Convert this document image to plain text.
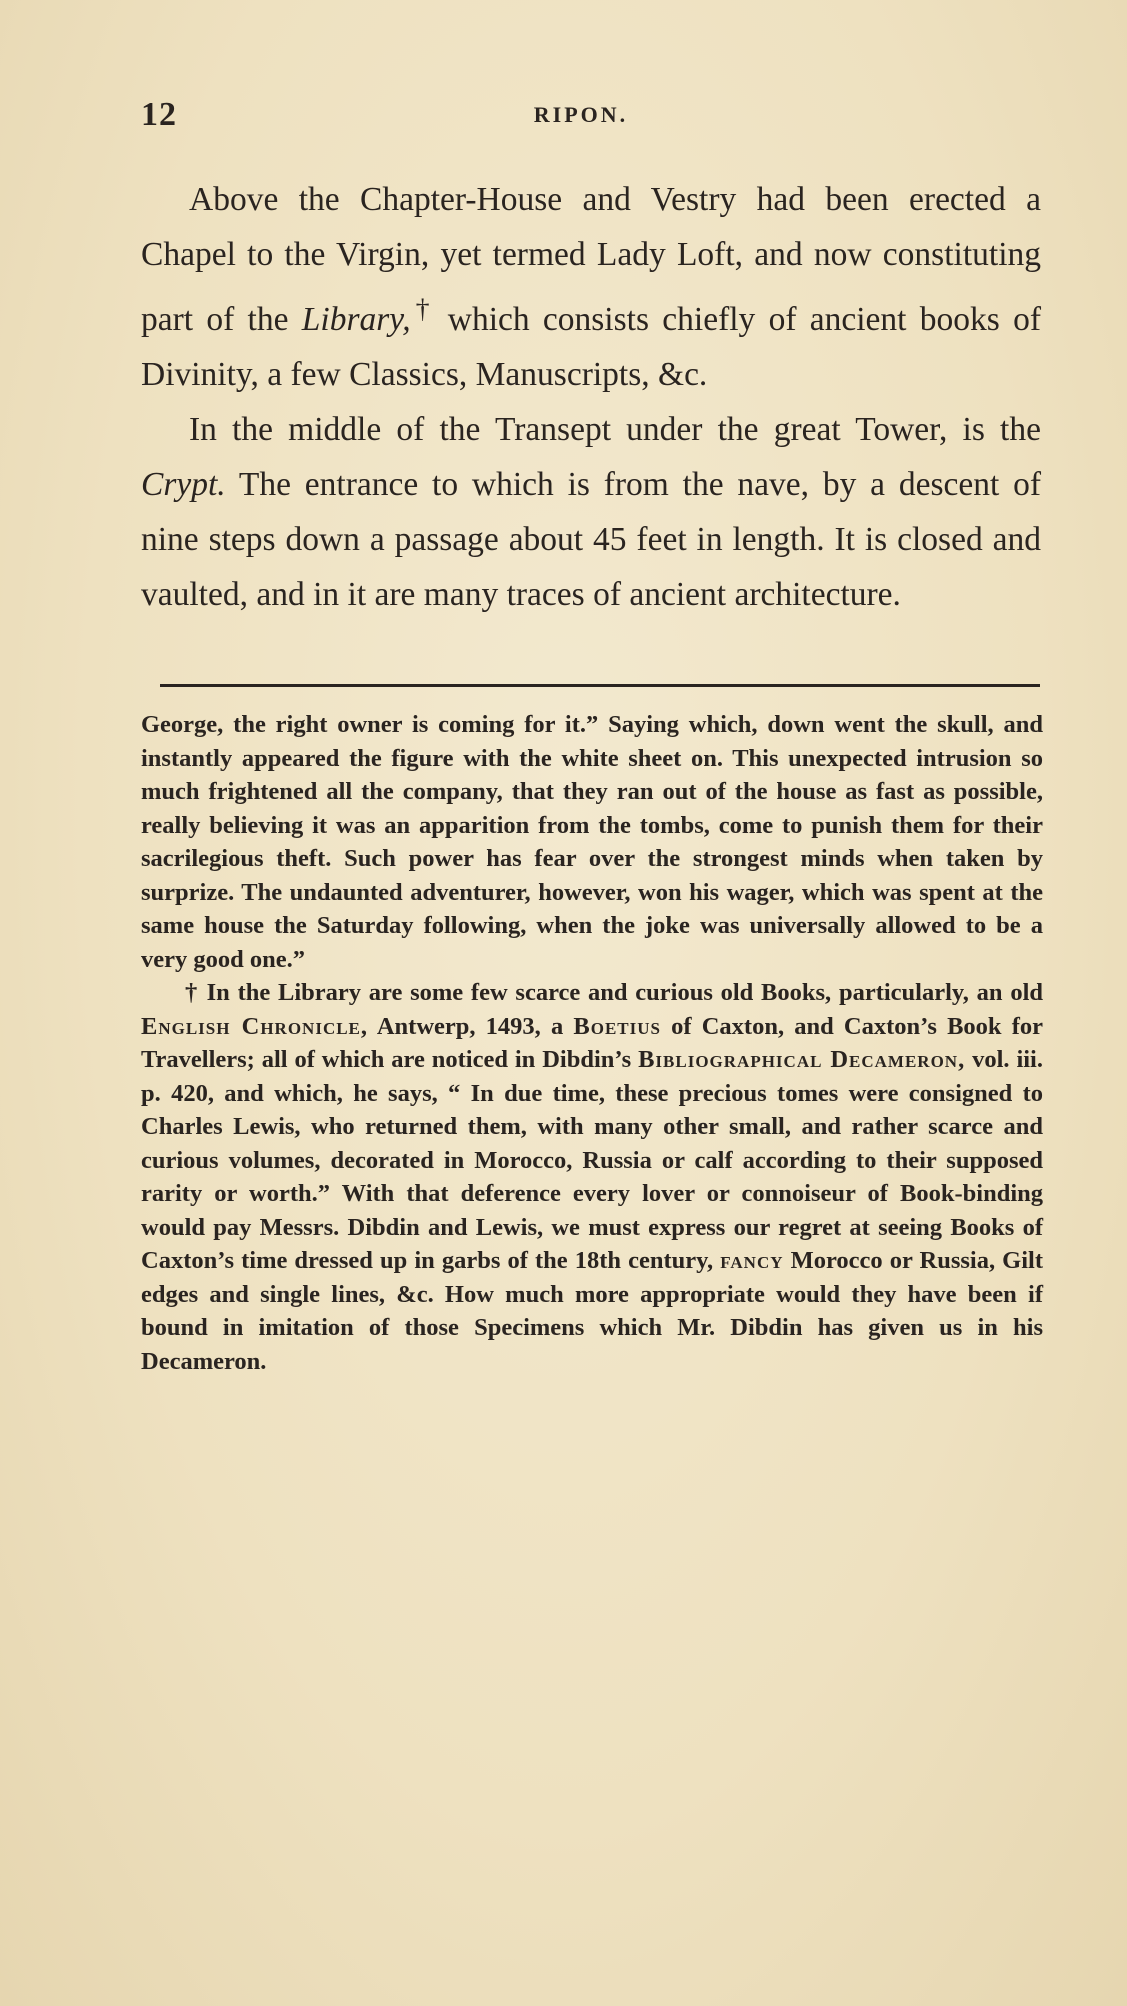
12	RIPON.

Above the Chapter-House and Vestry had been erected a Chapel to the Virgin, yet termed Lady Loft, and now constituting part of the Library,† which consists chiefly of ancient books of Divinity, a few Classics, Manuscripts, &c.

In the middle of the Transept under the great Tower, is the Crypt. The entrance to which is from the nave, by a descent of nine steps down a passage about 45 feet in length. It is closed and vaulted, and in it are many traces of ancient architecture.

George, the right owner is coming for it.” Saying which, down went the skull, and instantly appeared the figure with the white sheet on. This unexpected intrusion so much frightened all the company, that they ran out of the house as fast as possible, really believing it was an apparition from the tombs, come to punish them for their sacrilegious theft. Such power has fear over the strongest minds when taken by surprize. The undaunted adventurer, however, won his wager, which was spent at the same house the Saturday following, when the joke was universally allowed to be a very good one.”

† In the Library are some few scarce and curious old Books, particularly, an old English Chronicle, Antwerp, 1493, a Boetius of Caxton, and Caxton’s Book for Travellers; all of which are noticed in Dibdin’s Bibliographical Decameron, vol. iii. p. 420, and which, he says, “ In due time, these precious tomes were consigned to Charles Lewis, who returned them, with many other small, and rather scarce and curious volumes, decorated in Morocco, Russia or calf according to their supposed rarity or worth.” With that deference every lover or connoiseur of Book-binding would pay Messrs. Dibdin and Lewis, we must express our regret at seeing Books of Caxton’s time dressed up in garbs of the 18th century, fancy Morocco or Russia, Gilt edges and single lines, &c. How much more appropriate would they have been if bound in imitation of those Specimens which Mr. Dibdin has given us in his Decameron.
